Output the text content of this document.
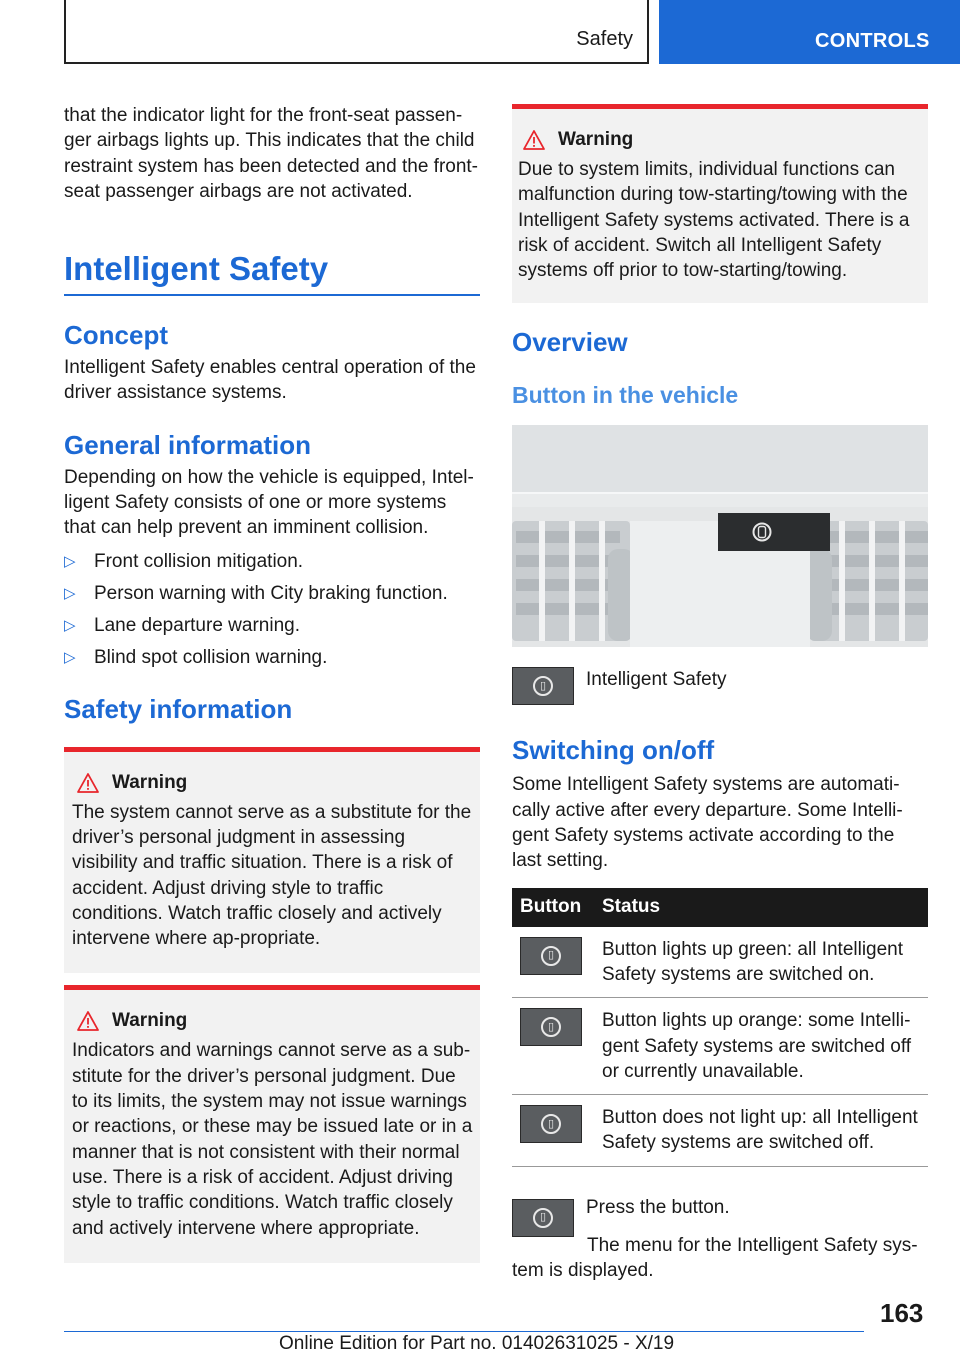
Safety	CONTROLS

that the indicator light for the front-seat passen-ger airbags lights up. This indicates that the child restraint system has been detected and the front-seat passenger airbags are not activated.

Intelligent Safety
Concept

Intelligent Safety enables central operation of the driver assistance systems.

General information

Depending on how the vehicle is equipped, Intel-ligent Safety consists of one or more systems that can help prevent an imminent collision.

▷ Front collision mitigation.
▷ Person warning with City braking function.
▷ Lane departure warning.
▷ Blind spot collision warning.
Safety information
Warning

The system cannot serve as a substitute for the driver’s personal judgment in assessing visibility and traffic situation. There is a risk of accident. Adjust driving style to traffic conditions. Watch traffic closely and actively intervene where ap-propriate.

Warning

Indicators and warnings cannot serve as a sub-stitute for the driver’s personal judgment. Due to its limits, the system may not issue warnings or reactions, or these may be issued late or in a manner that is not consistent with their normal use. There is a risk of accident. Adjust driving style to traffic conditions. Watch traffic closely and actively intervene where appropriate.

Warning

Due to system limits, individual functions can malfunction during tow-starting/towing with the Intelligent Safety systems activated. There is a risk of accident. Switch all Intelligent Safety systems off prior to tow-starting/towing.

Overview
Button in the vehicle
▯	Intelligent Safety

Switching on/off

Some Intelligent Safety systems are automati-cally active after every departure. Some Intelli-gent Safety systems activate according to the last setting.

Button	Status

▯	Button lights up green: all Intelligent Safety systems are switched on.

▯	Button lights up orange: some Intelli-gent Safety systems are switched off or currently unavailable.

▯	Button does not light up: all Intelligent Safety systems are switched off.
▯	Press the button.

The menu for the Intelligent Safety sys-tem is displayed.

163
Online Edition for Part no. 01402631025 - X/19
